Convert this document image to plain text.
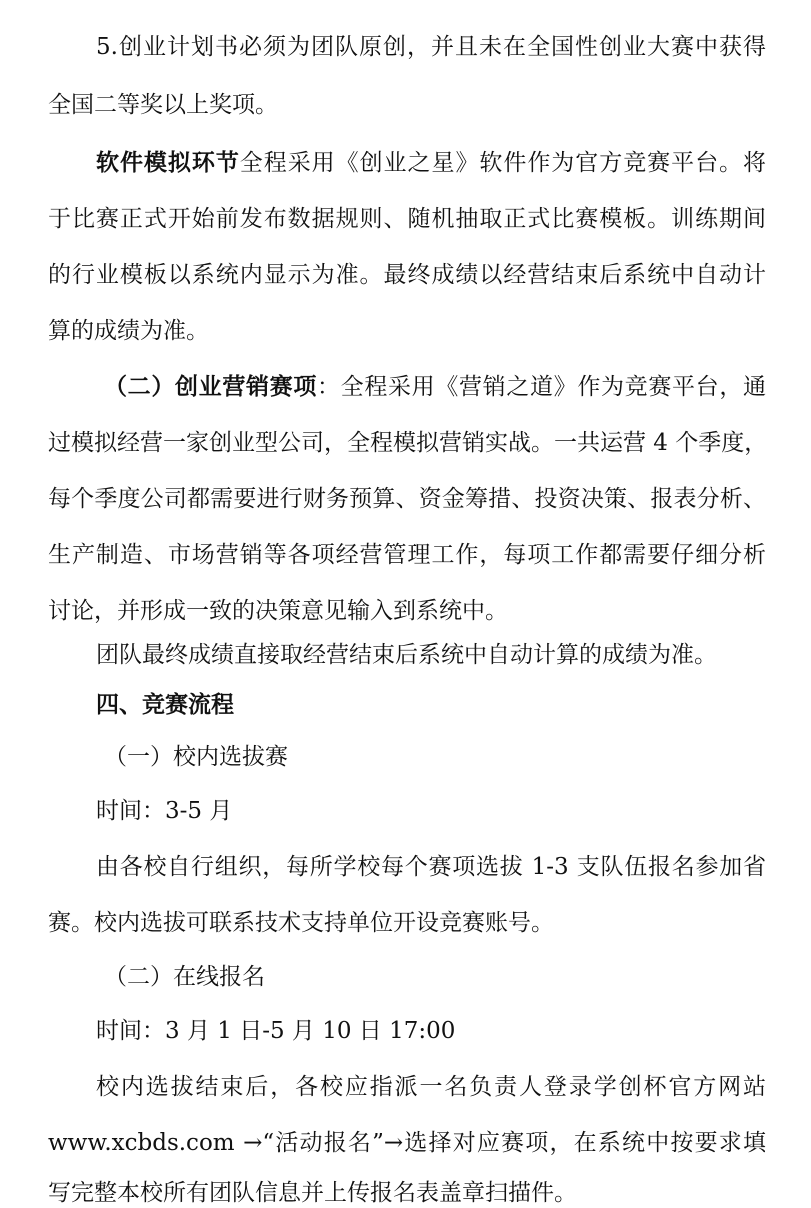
5.创业计划书必须为团队原创，并且未在全国性创业大赛中获得
全国二等奖以上奖项。
软件模拟环节全程采用《创业之星》软件作为官方竞赛平台。将
于比赛正式开始前发布数据规则、随机抽取正式比赛模板。训练期间
的行业模板以系统内显示为准。最终成绩以经营结束后系统中自动计
算的成绩为准。
（二）创业营销赛项：全程采用《营销之道》作为竞赛平台，通
过模拟经营一家创业型公司，全程模拟营销实战。一共运营 4 个季度，
每个季度公司都需要进行财务预算、资金筹措、投资决策、报表分析、
生产制造、市场营销等各项经营管理工作，每项工作都需要仔细分析
讨论，并形成一致的决策意见输入到系统中。
团队最终成绩直接取经营结束后系统中自动计算的成绩为准。
四、竞赛流程
（一）校内选拔赛
时间：3-5 月
由各校自行组织，每所学校每个赛项选拔 1-3 支队伍报名参加省
赛。校内选拔可联系技术支持单位开设竞赛账号。
（二）在线报名
时间：3 月 1 日-5 月 10 日 17:00
校内选拔结束后，各校应指派一名负责人登录学创杯官方网站
www.xcbds.com →“活动报名”→选择对应赛项，在系统中按要求填
写完整本校所有团队信息并上传报名表盖章扫描件。
